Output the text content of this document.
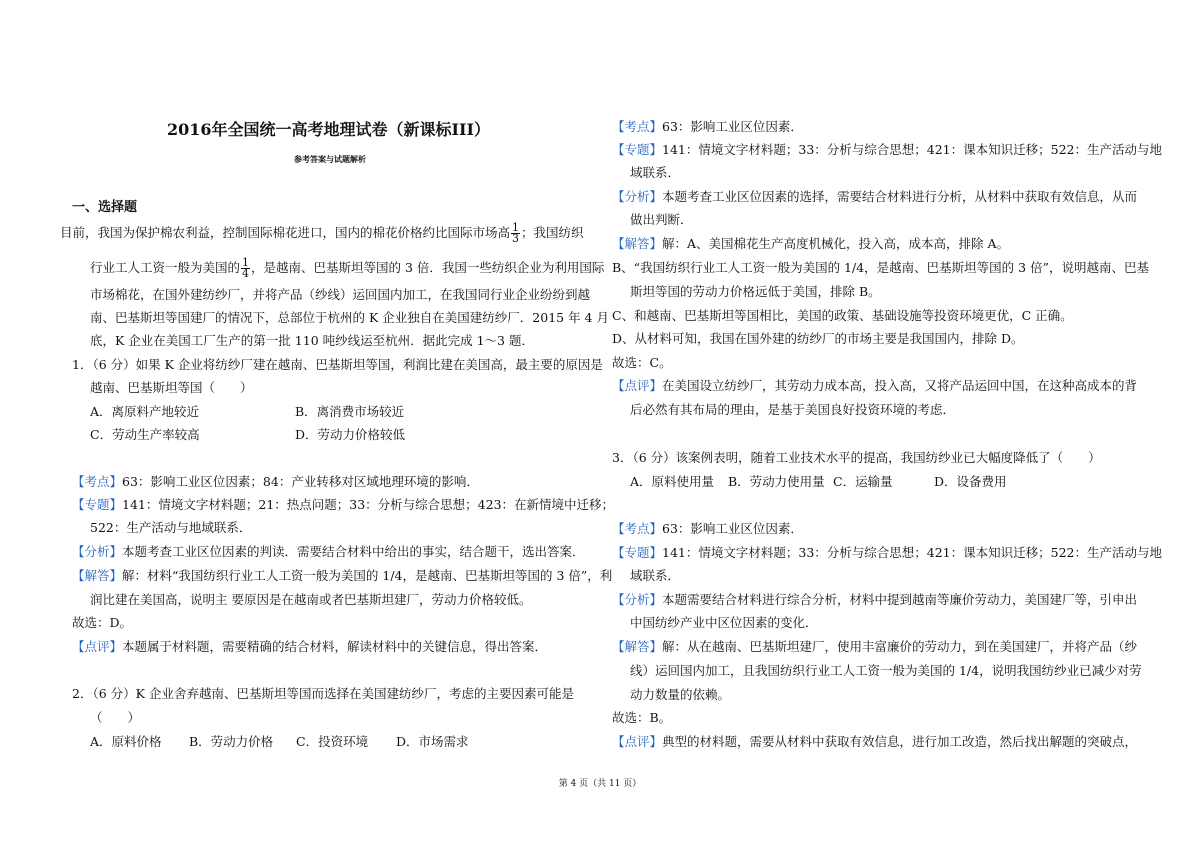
2016年全国统一高考地理试卷（新课标III）
参考答案与试题解析
一、选择题
目前，我国为保护棉农利益，控制国际棉花进口，国内的棉花价格约比国际市场高 $\frac{1}{3}$ ；我国纺织
行业工人工资一般为美国的 $\frac{1}{4}$ ，是越南、巴基斯坦等国的 3 倍．我国一些纺织企业为利用国际
市场棉花，在国外建纺纱厂，并将产品（纱线）运回国内加工，在我国同行业企业纷纷到越
南、巴基斯坦等国建厂的情况下，总部位于杭州的 K 企业独自在美国建纺纱厂．2015 年 4 月
底，K 企业在美国工厂生产的第一批 110 吨纱线运至杭州．据此完成 1～3 题．
1．（6 分）如果 K 企业将纺纱厂建在越南、巴基斯坦等国，利润比建在美国高，最主要的原因是
越南、巴基斯坦等国（　　）
A．离原料产地较近	B．离消费市场较近
C．劳动生产率较高	D．劳动力价格较低
【考点】63：影响工业区位因素；84：产业转移对区域地理环境的影响．
【专题】141：情境文字材料题；21：热点问题；33：分析与综合思想；423：在新情境中迁移；
522：生产活动与地域联系．
【分析】本题考查工业区位因素的判读．需要结合材料中给出的事实，结合题干，选出答案．
【解答】解：材料“我国纺织行业工人工资一般为美国的 1/4，是越南、巴基斯坦等国的 3 倍”，利
润比建在美国高，说明主 要原因是在越南或者巴基斯坦建厂，劳动力价格较低。
故选：D。
【点评】本题属于材料题，需要精确的结合材料，解读材料中的关键信息，得出答案．
2．（6 分）K 企业舍弃越南、巴基斯坦等国而选择在美国建纺纱厂，考虑的主要因素可能是
（　　）
A．原料价格 B．劳动力价格 C．投资环境 D．市场需求
【考点】63：影响工业区位因素．
【专题】141：情境文字材料题；33：分析与综合思想；421：课本知识迁移；522：生产活动与地
域联系．
【分析】本题考查工业区位因素的选择，需要结合材料进行分析，从材料中获取有效信息，从而
做出判断．
【解答】解：A、美国棉花生产高度机械化，投入高，成本高，排除 A。
B、“我国纺织行业工人工资一般为美国的 1/4，是越南、巴基斯坦等国的 3 倍”，说明越南、巴基
斯坦等国的劳动力价格远低于美国，排除 B。
C、和越南、巴基斯坦等国相比，美国的政策、基础设施等投资环境更优，C 正确。
D、从材料可知，我国在国外建的纺纱厂的市场主要是我国国内，排除 D。
故选：C。
【点评】在美国设立纺纱厂，其劳动力成本高，投入高，又将产品运回中国，在这种高成本的背
后必然有其布局的理由，是基于美国良好投资环境的考虑．
3．（6 分）该案例表明，随着工业技术水平的提高，我国纺纱业已大幅度降低了（　　）
A．原料使用量 B．劳动力使用量 C．运输量	D．设备费用
【考点】63：影响工业区位因素．
【专题】141：情境文字材料题；33：分析与综合思想；421：课本知识迁移；522：生产活动与地
域联系．
【分析】本题需要结合材料进行综合分析，材料中提到越南等廉价劳动力，美国建厂等，引申出
中国纺纱产业中区位因素的变化．
【解答】解：从在越南、巴基斯坦建厂，使用丰富廉价的劳动力，到在美国建厂，并将产品（纱
线）运回国内加工，且我国纺织行业工人工资一般为美国的 1/4，说明我国纺纱业已减少对劳
动力数量的依赖。
故选：B。
【点评】典型的材料题，需要从材料中获取有效信息，进行加工改造，然后找出解题的突破点，
第 4 页（共 11 页）
